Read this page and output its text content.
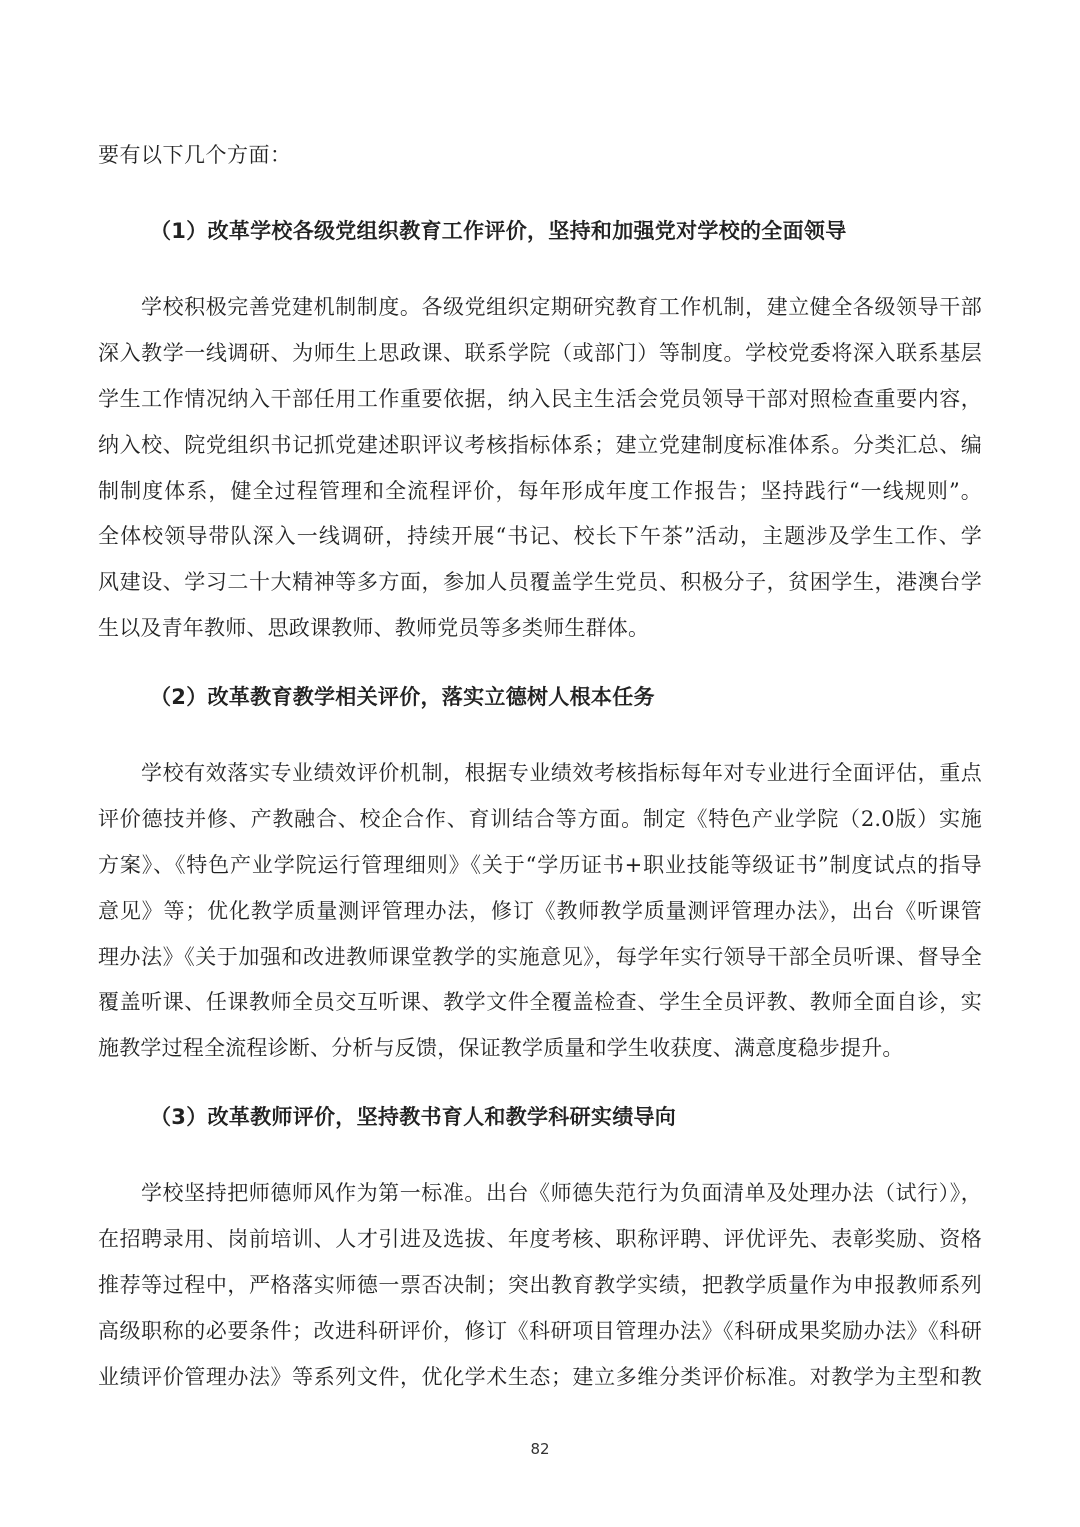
要有以下几个方面：

（1）改革学校各级党组织教育工作评价，坚持和加强党对学校的全面领导

学校积极完善党建机制制度。各级党组织定期研究教育工作机制，建立健全各级领导干部
深入教学一线调研、为师生上思政课、联系学院（或部门）等制度。学校党委将深入联系基层
学生工作情况纳入干部任用工作重要依据，纳入民主生活会党员领导干部对照检查重要内容，
纳入校、院党组织书记抓党建述职评议考核指标体系；建立党建制度标准体系。分类汇总、编
制制度体系，健全过程管理和全流程评价，每年形成年度工作报告；坚持践行“一线规则”。
全体校领导带队深入一线调研，持续开展“书记、校长下午茶”活动，主题涉及学生工作、学
风建设、学习二十大精神等多方面，参加人员覆盖学生党员、积极分子，贫困学生，港澳台学
生以及青年教师、思政课教师、教师党员等多类师生群体。

（2）改革教育教学相关评价，落实立德树人根本任务

学校有效落实专业绩效评价机制，根据专业绩效考核指标每年对专业进行全面评估，重点
评价德技并修、产教融合、校企合作、育训结合等方面。制定《特色产业学院（2.0版）实施
方案》、《特色产业学院运行管理细则》《关于“学历证书+职业技能等级证书”制度试点的指导
意见》等；优化教学质量测评管理办法，修订《教师教学质量测评管理办法》，出台《听课管
理办法》《关于加强和改进教师课堂教学的实施意见》，每学年实行领导干部全员听课、督导全
覆盖听课、任课教师全员交互听课、教学文件全覆盖检查、学生全员评教、教师全面自诊，实
施教学过程全流程诊断、分析与反馈，保证教学质量和学生收获度、满意度稳步提升。

（3）改革教师评价，坚持教书育人和教学科研实绩导向

学校坚持把师德师风作为第一标准。出台《师德失范行为负面清单及处理办法（试行）》，
在招聘录用、岗前培训、人才引进及选拔、年度考核、职称评聘、评优评先、表彰奖励、资格
推荐等过程中，严格落实师德一票否决制；突出教育教学实绩，把教学质量作为申报教师系列
高级职称的必要条件；改进科研评价，修订《科研项目管理办法》《科研成果奖励办法》《科研
业绩评价管理办法》等系列文件，优化学术生态；建立多维分类评价标准。对教学为主型和教

82
